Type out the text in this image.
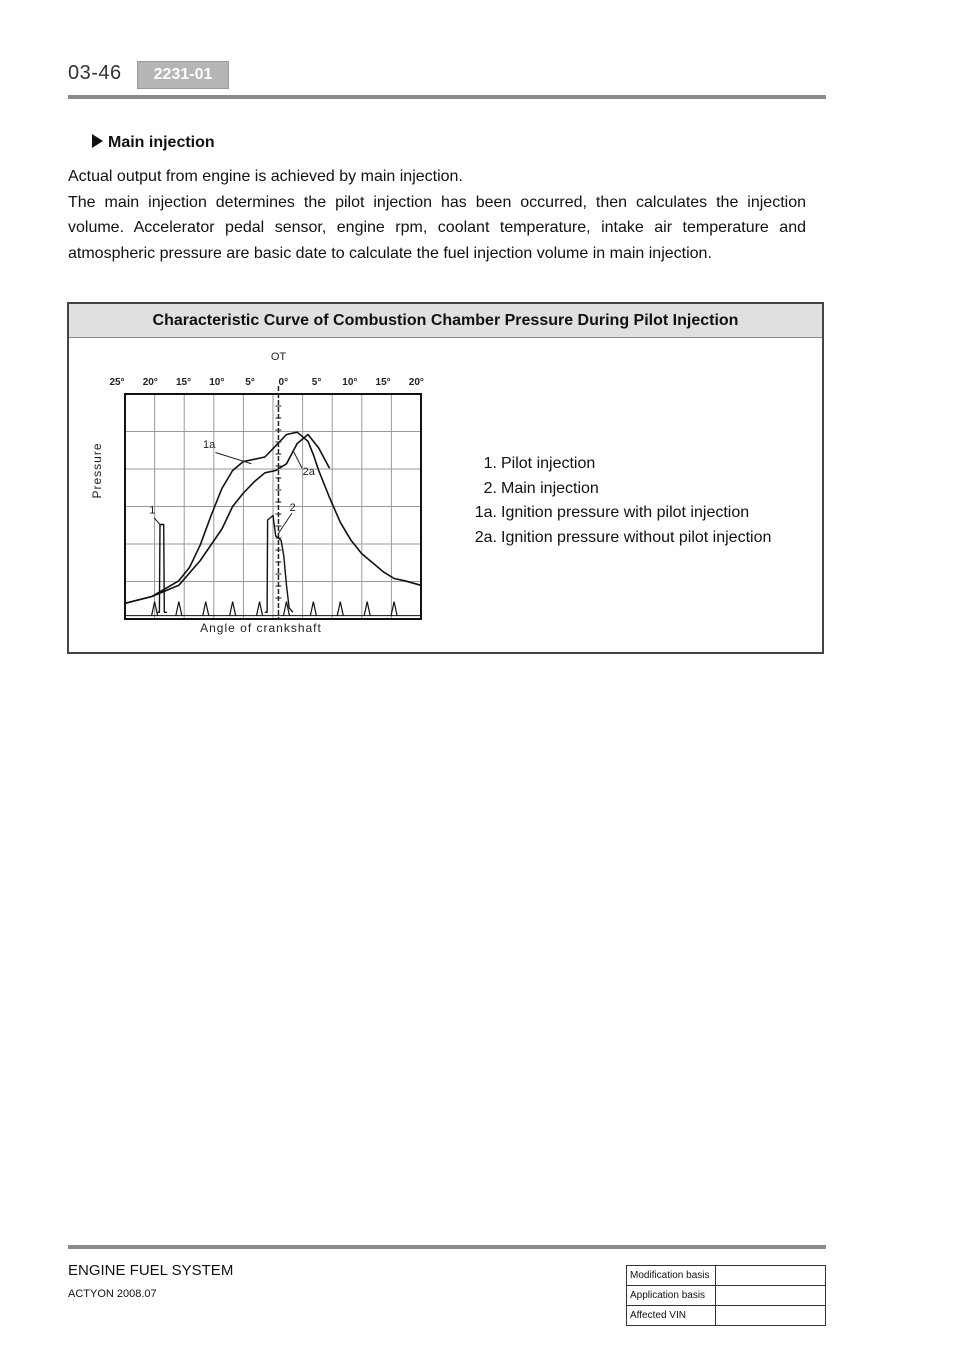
03-46	2231-01
Main injection

Actual output from engine is achieved by main injection.

The main injection determines the pilot injection has been occurred, then calculates the injection volume. Accelerator pedal sensor, engine rpm, coolant temperature, intake air temperature and atmospheric pressure are basic date to calculate the fuel injection volume in main injection.

Characteristic Curve of Combustion Chamber Pressure During Pilot Injection
OT
25° 20° 15° 10° 5° 0° 5° 10° 15° 20°
1	2
1a
2a
Pressure
Angle of crankshaft
1. Pilot injection
2. Main injection
1a. Ignition pressure with pilot injection
2a. Ignition pressure without pilot injection
ENGINE FUEL SYSTEM
ACTYON 2008.07
Modification basis	
Application basis	
Affected VIN	
